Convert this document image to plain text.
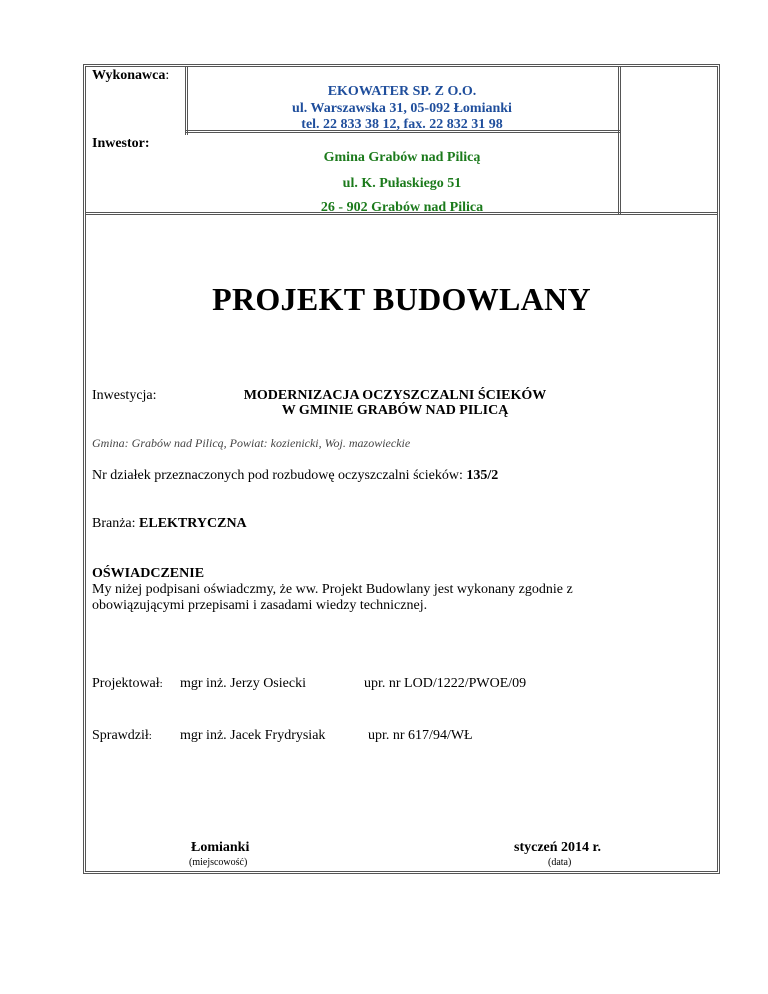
Wykonawca:
EKOWATER SP. Z O.O.
ul. Warszawska 31, 05-092 Łomianki
tel. 22 833 38 12, fax. 22 832 31 98
Inwestor:
Gmina Grabów nad Pilicą
ul. K. Pułaskiego 51
26 - 902 Grabów nad Pilica
PROJEKT BUDOWLANY
Inwestycja:	MODERNIZACJA OCZYSZCZALNI ŚCIEKÓW
W GMINIE GRABÓW NAD PILICĄ
Gmina: Grabów nad Pilicą, Powiat: kozienicki, Woj. mazowieckie
Nr działek przeznaczonych pod rozbudowę oczyszczalni ścieków: 135/2
Branża: ELEKTRYCZNA
OŚWIADCZENIE
My niżej podpisani oświadczmy, że ww. Projekt Budowlany jest wykonany zgodnie z
obowiązującymi przepisami i zasadami wiedzy technicznej.
Projektował: mgr inż. Jerzy Osiecki	upr. nr LOD/1222/PWOE/09
Sprawdził: mgr inż. Jacek Frydrysiak	upr. nr 617/94/WŁ
Łomianki
(miejscowość)
styczeń 2014 r.
(data)
